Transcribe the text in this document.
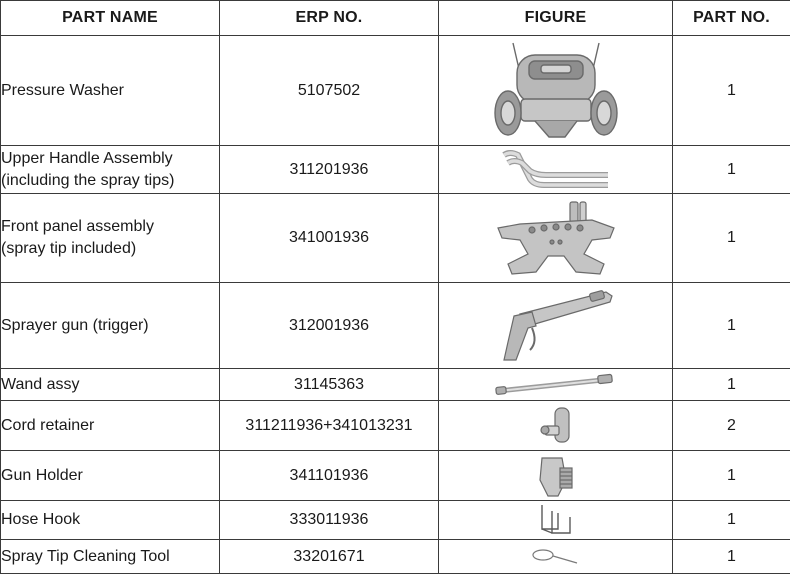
PART NAME	ERP NO.	FIGURE	PART NO.
Pressure Washer	5107502		1

Upper Handle Assembly
(including the spray tips)	311201936		1

Front panel assembly
(spray tip included)	341001936		1
Sprayer gun (trigger)	312001936		1
Wand assy	31145363		1
Cord retainer	311211936+341013231		2
Gun Holder	341101936		1
Hose Hook	333011936		1
Spray Tip Cleaning Tool	33201671		1
